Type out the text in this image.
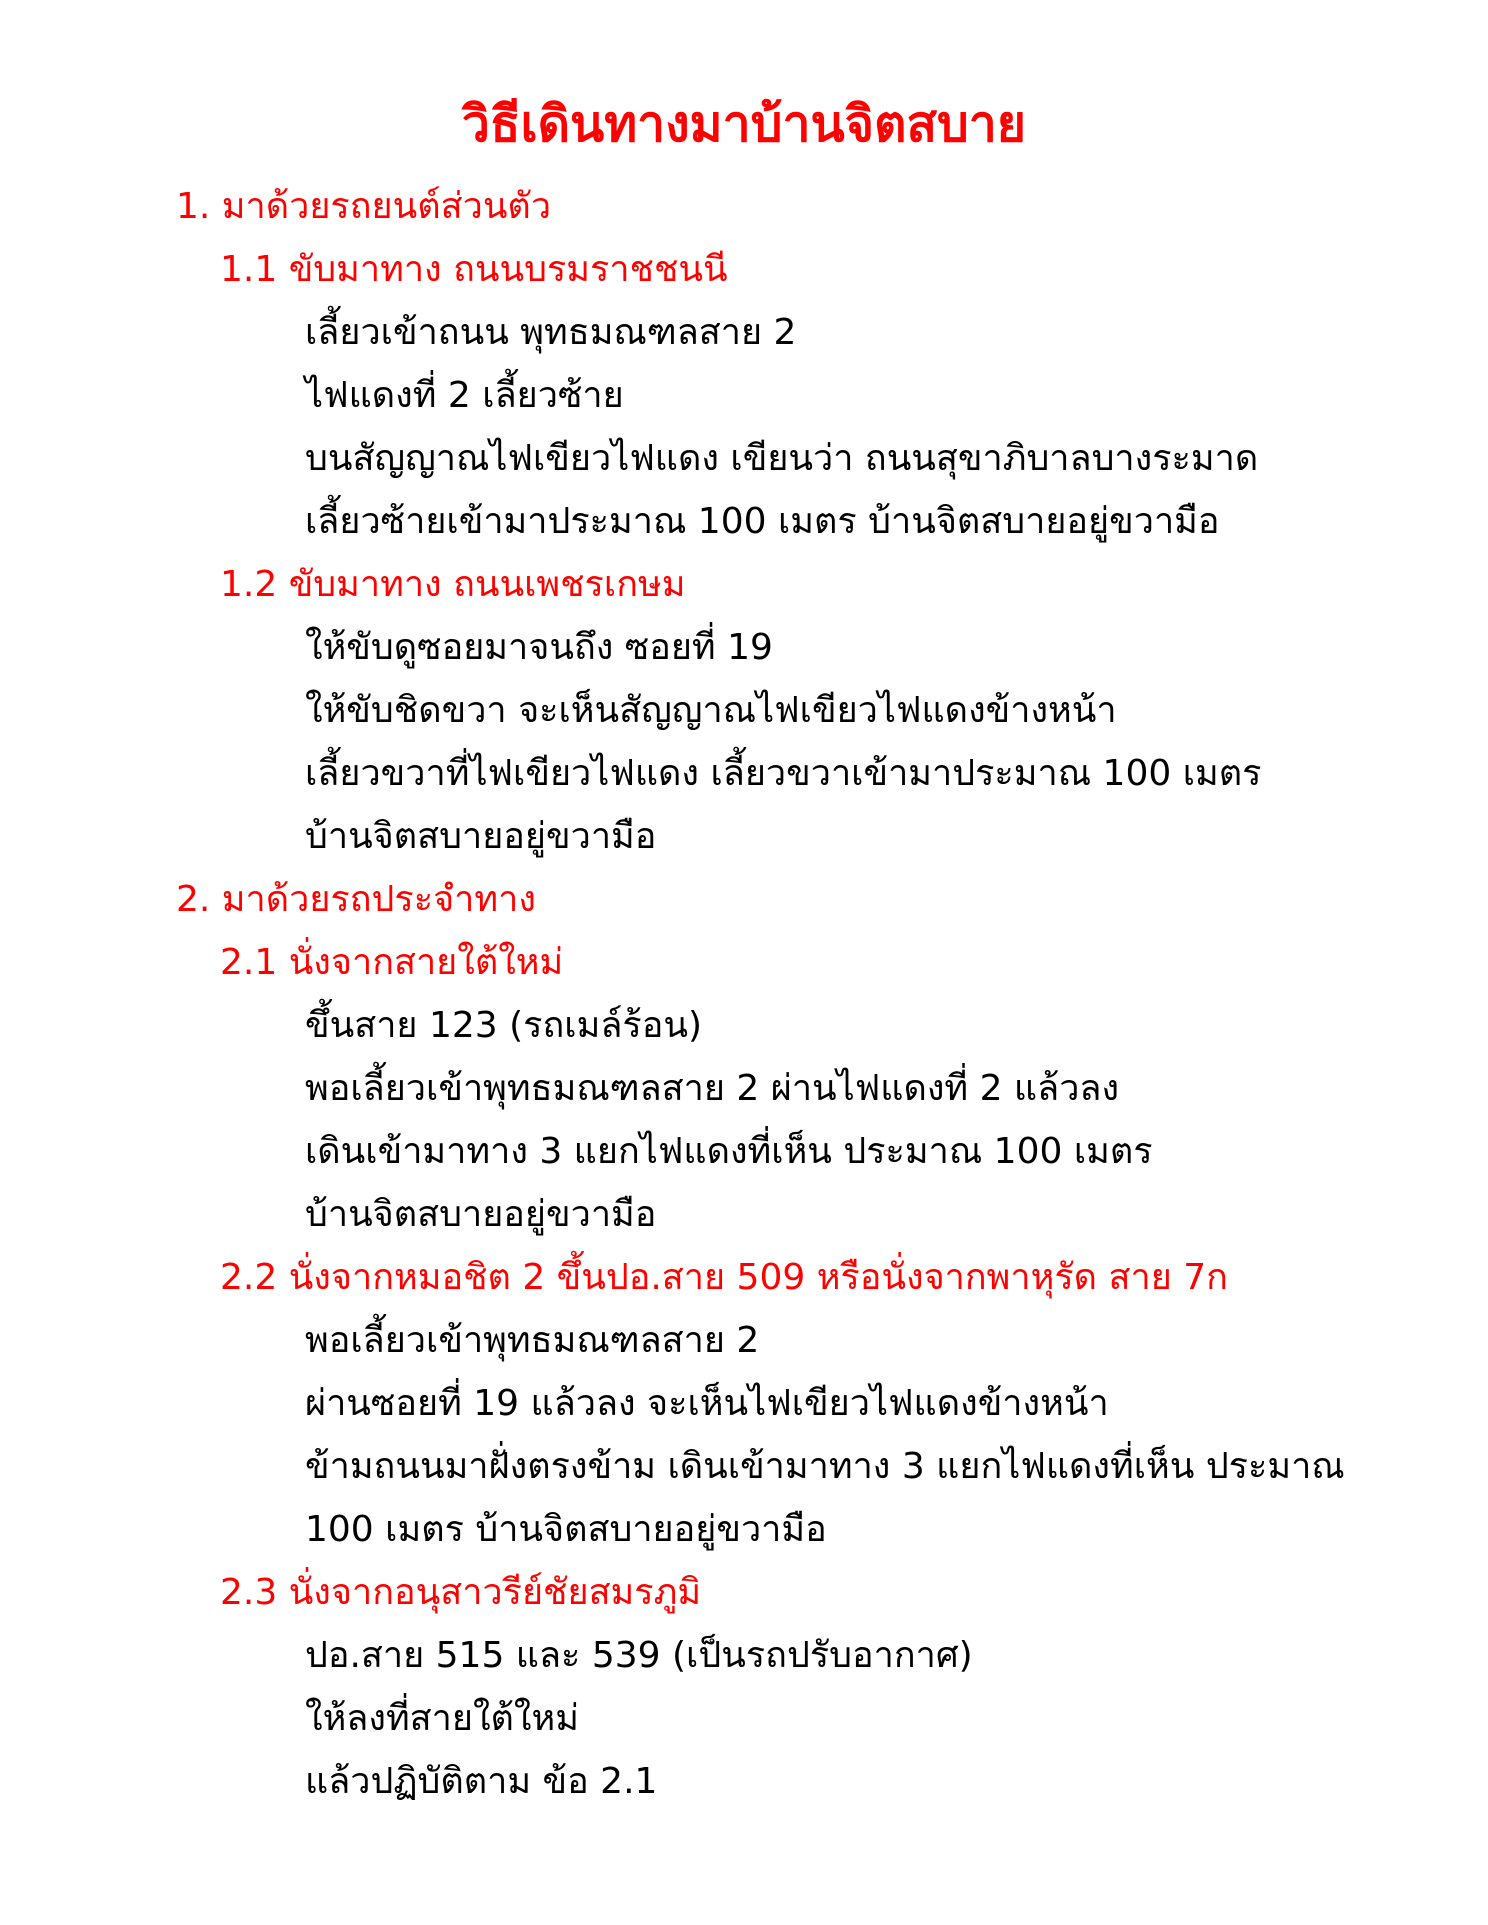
วิธีเดินทางมาบ้านจิตสบาย

1. มาด้วยรถยนต์ส่วนตัว

1.1 ขับมาทาง ถนนบรมราชชนนี

เลี้ยวเข้าถนน พุทธมณฑลสาย 2

ไฟแดงที่ 2 เลี้ยวซ้าย

บนสัญญาณไฟเขียวไฟแดง เขียนว่า ถนนสุขาภิบาลบางระมาด

เลี้ยวซ้ายเข้ามาประมาณ 100 เมตร บ้านจิตสบายอยู่ขวามือ

1.2 ขับมาทาง ถนนเพชรเกษม

ให้ขับดูซอยมาจนถึง ซอยที่ 19

ให้ขับชิดขวา จะเห็นสัญญาณไฟเขียวไฟแดงข้างหน้า

เลี้ยวขวาที่ไฟเขียวไฟแดง เลี้ยวขวาเข้ามาประมาณ 100 เมตร

บ้านจิตสบายอยู่ขวามือ

2. มาด้วยรถประจำทาง

2.1 นั่งจากสายใต้ใหม่

ขึ้นสาย 123 (รถเมล์ร้อน)

พอเลี้ยวเข้าพุทธมณฑลสาย 2 ผ่านไฟแดงที่ 2 แล้วลง

เดินเข้ามาทาง 3 แยกไฟแดงที่เห็น ประมาณ 100 เมตร

บ้านจิตสบายอยู่ขวามือ

2.2 นั่งจากหมอชิต 2 ขึ้นปอ.สาย 509 หรือนั่งจากพาหุรัด สาย 7ก

พอเลี้ยวเข้าพุทธมณฑลสาย 2

ผ่านซอยที่ 19 แล้วลง จะเห็นไฟเขียวไฟแดงข้างหน้า

ข้ามถนนมาฝั่งตรงข้าม เดินเข้ามาทาง 3 แยกไฟแดงที่เห็น ประมาณ

100 เมตร บ้านจิตสบายอยู่ขวามือ

2.3 นั่งจากอนุสาวรีย์ชัยสมรภูมิ

ปอ.สาย 515 และ 539 (เป็นรถปรับอากาศ)

ให้ลงที่สายใต้ใหม่

แล้วปฏิบัติตาม ข้อ 2.1
